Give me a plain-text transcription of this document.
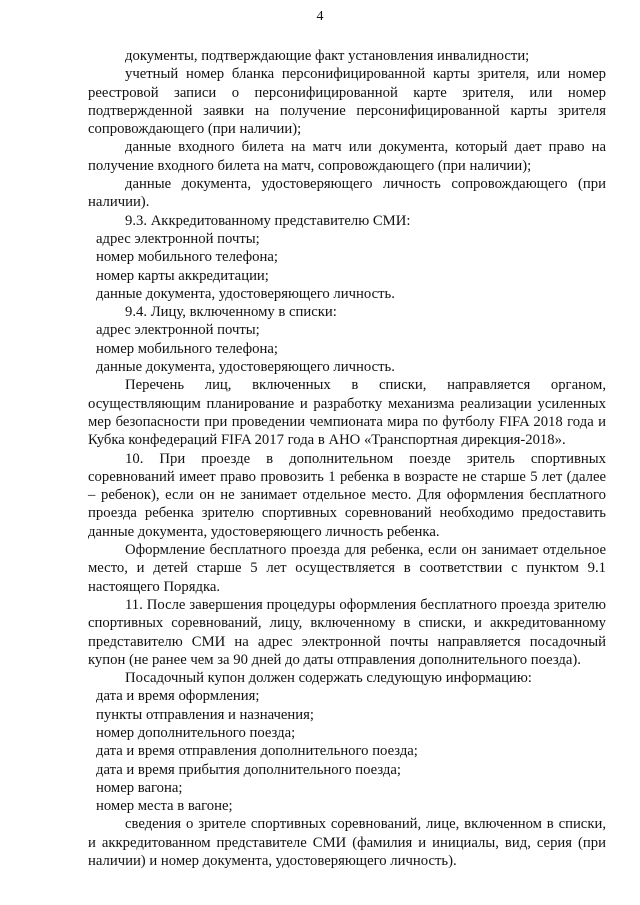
4

документы, подтверждающие факт установления инвалидности;

учетный номер бланка персонифицированной карты зрителя, или номер реестровой записи о персонифицированной карте зрителя, или номер подтвержденной заявки на получение персонифицированной карты зрителя сопровождающего (при наличии);

данные входного билета на матч или документа, который дает право на получение входного билета на матч, сопровождающего (при наличии);

данные документа, удостоверяющего личность сопровождающего (при наличии).

9.3. Аккредитованному представителю СМИ:

адрес электронной почты;

номер мобильного телефона;

номер карты аккредитации;

данные документа, удостоверяющего личность.

9.4. Лицу, включенному в списки:

адрес электронной почты;

номер мобильного телефона;

данные документа, удостоверяющего личность.

Перечень лиц, включенных в списки, направляется органом, осуществляющим планирование и разработку механизма реализации усиленных мер безопасности при проведении чемпионата мира по футболу FIFA 2018 года и Кубка конфедераций FIFA 2017 года в АНО «Транспортная дирекция-2018».

10. При проезде в дополнительном поезде зритель спортивных соревнований имеет право провозить 1 ребенка в возрасте не старше 5 лет (далее – ребенок), если он не занимает отдельное место. Для оформления бесплатного проезда ребенка зрителю спортивных соревнований необходимо предоставить данные документа, удостоверяющего личность ребенка.

Оформление бесплатного проезда для ребенка, если он занимает отдельное место, и детей старше 5 лет осуществляется в соответствии с пунктом 9.1 настоящего Порядка.

11. После завершения процедуры оформления бесплатного проезда зрителю спортивных соревнований, лицу, включенному в списки, и аккредитованному представителю СМИ на адрес электронной почты направляется посадочный купон (не ранее чем за 90 дней до даты отправления дополнительного поезда).

Посадочный купон должен содержать следующую информацию:

дата и время оформления;

пункты отправления и назначения;

номер дополнительного поезда;

дата и время отправления дополнительного поезда;

дата и время прибытия дополнительного поезда;

номер вагона;

номер места в вагоне;

сведения о зрителе спортивных соревнований, лице, включенном в списки, и аккредитованном представителе СМИ (фамилия и инициалы, вид, серия (при наличии) и номер документа, удостоверяющего личность).
